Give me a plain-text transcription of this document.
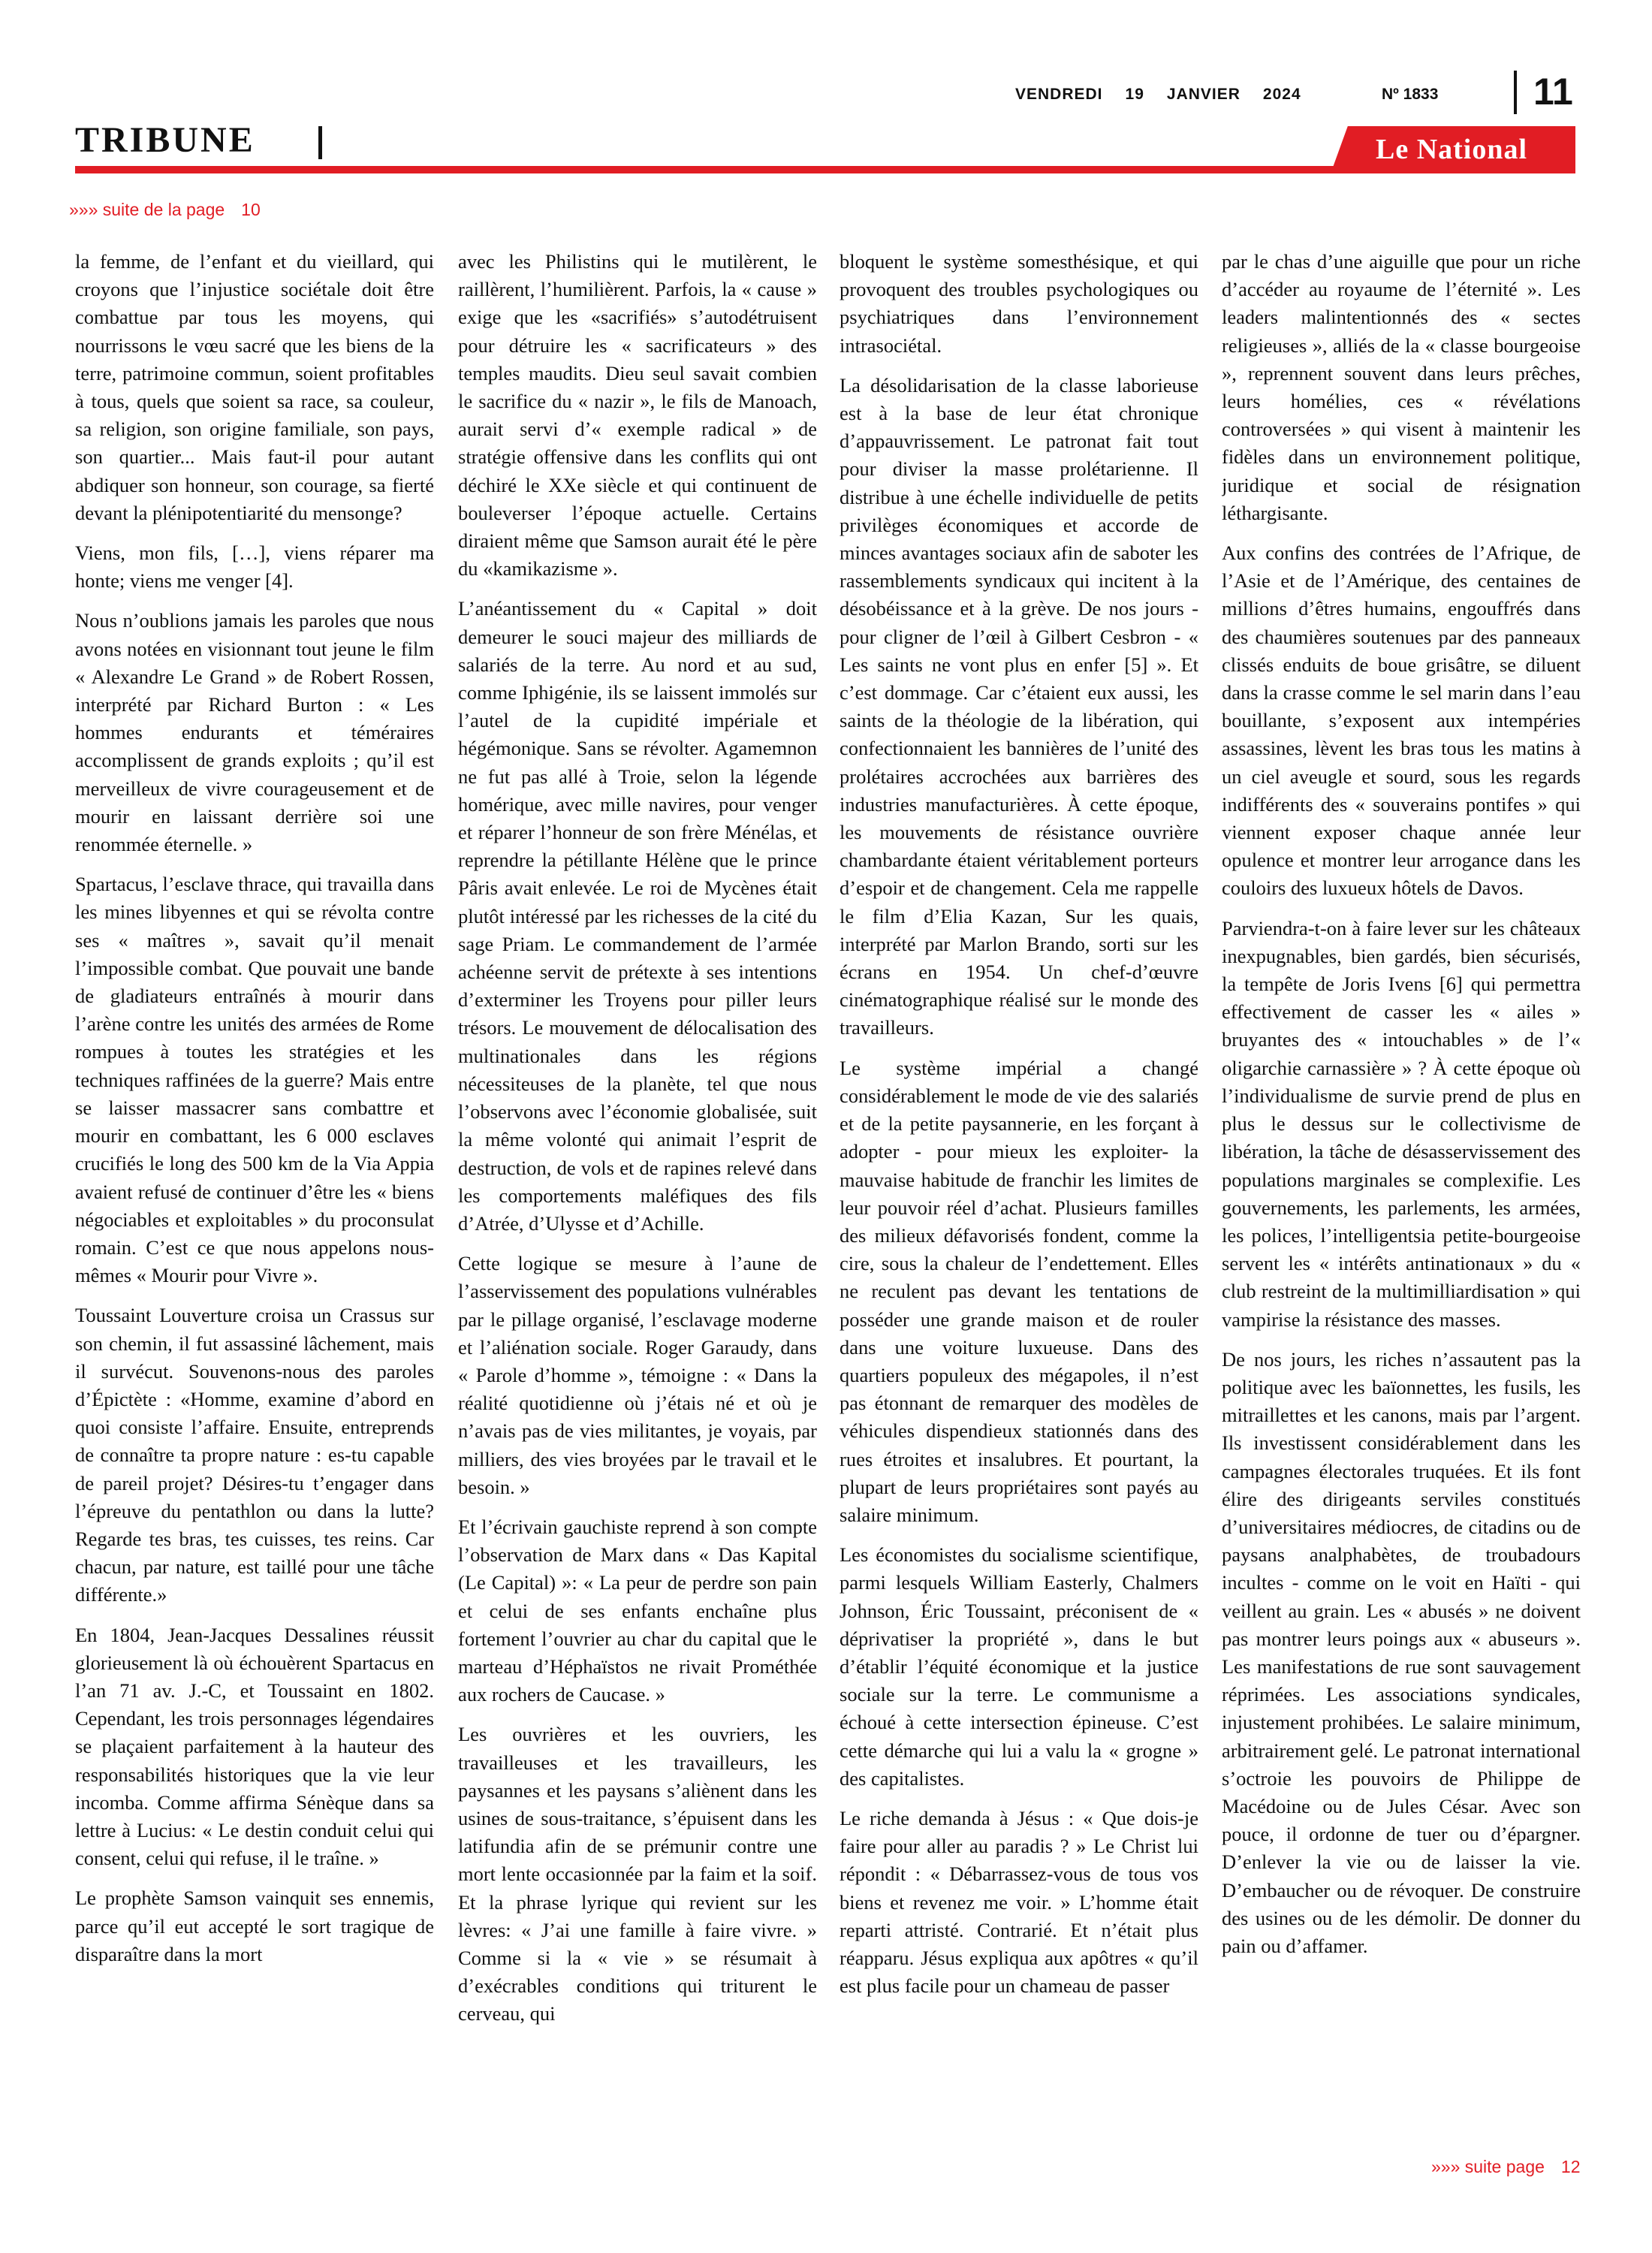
VENDREDI 19 JANVIER 2024	Nº 1833	11
TRIBUNE	Le National
»»» suite de la page 10

la femme, de l’enfant et du vieillard, qui croyons que l’injustice sociétale doit être combattue par tous les moyens, qui nourrissons le vœu sacré que les biens de la terre, patrimoine commun, soient profitables à tous, quels que soient sa race, sa couleur, sa religion, son origine familiale, son pays, son quartier... Mais faut-il pour autant abdiquer son honneur, son courage, sa fierté devant la plénipotentiarité du mensonge?

Viens, mon fils, […], viens réparer ma honte; viens me venger [4].

Nous n’oublions jamais les paroles que nous avons notées en visionnant tout jeune le film « Alexandre Le Grand » de Robert Rossen, interprété par Richard Burton : « Les hommes endurants et téméraires accomplissent de grands exploits ; qu’il est merveilleux de vivre courageusement et de mourir en laissant derrière soi une renommée éternelle. »

Spartacus, l’esclave thrace, qui travailla dans les mines libyennes et qui se révolta contre ses « maîtres », savait qu’il menait l’impossible combat. Que pouvait une bande de gladiateurs entraînés à mourir dans l’arène contre les unités des armées de Rome rompues à toutes les stratégies et les techniques raffinées de la guerre? Mais entre se laisser massacrer sans combattre et mourir en combattant, les 6 000 esclaves crucifiés le long des 500 km de la Via Appia avaient refusé de continuer d’être les « biens négociables et exploitables » du proconsulat romain. C’est ce que nous appelons nous-mêmes « Mourir pour Vivre ».

Toussaint Louverture croisa un Crassus sur son chemin, il fut assassiné lâchement, mais il survécut. Souvenons-nous des paroles d’Épictète : «Homme, examine d’abord en quoi consiste l’affaire. Ensuite, entreprends de connaître ta propre nature : es-tu capable de pareil projet? Désires-tu t’engager dans l’épreuve du pentathlon ou dans la lutte? Regarde tes bras, tes cuisses, tes reins. Car chacun, par nature, est taillé pour une tâche différente.»

En 1804, Jean-Jacques Dessalines réussit glorieusement là où échouèrent Spartacus en l’an 71 av. J.-C, et Toussaint en 1802. Cependant, les trois personnages légendaires se plaçaient parfaitement à la hauteur des responsabilités historiques que la vie leur incomba. Comme affirma Sénèque dans sa lettre à Lucius: « Le destin conduit celui qui consent, celui qui refuse, il le traîne. »

Le prophète Samson vainquit ses ennemis, parce qu’il eut accepté le sort tragique de disparaître dans la mort

avec les Philistins qui le mutilèrent, le raillèrent, l’humilièrent. Parfois, la « cause » exige que les «sacrifiés» s’autodétruisent pour détruire les « sacrificateurs » des temples maudits. Dieu seul savait combien le sacrifice du « nazir », le fils de Manoach, aurait servi d’« exemple radical » de stratégie offensive dans les conflits qui ont déchiré le XXe siècle et qui continuent de bouleverser l’époque actuelle. Certains diraient même que Samson aurait été le père du «kamikazisme ».

L’anéantissement du « Capital » doit demeurer le souci majeur des milliards de salariés de la terre. Au nord et au sud, comme Iphigénie, ils se laissent immolés sur l’autel de la cupidité impériale et hégémonique. Sans se révolter. Agamemnon ne fut pas allé à Troie, selon la légende homérique, avec mille navires, pour venger et réparer l’honneur de son frère Ménélas, et reprendre la pétillante Hélène que le prince Pâris avait enlevée. Le roi de Mycènes était plutôt intéressé par les richesses de la cité du sage Priam. Le commandement de l’armée achéenne servit de prétexte à ses intentions d’exterminer les Troyens pour piller leurs trésors. Le mouvement de délocalisation des multinationales dans les régions nécessiteuses de la planète, tel que nous l’observons avec l’économie globalisée, suit la même volonté qui animait l’esprit de destruction, de vols et de rapines relevé dans les comportements maléfiques des fils d’Atrée, d’Ulysse et d’Achille.

Cette logique se mesure à l’aune de l’asservissement des populations vulnérables par le pillage organisé, l’esclavage moderne et l’aliénation sociale. Roger Garaudy, dans « Parole d’homme », témoigne : « Dans la réalité quotidienne où j’étais né et où je n’avais pas de vies militantes, je voyais, par milliers, des vies broyées par le travail et le besoin. »

Et l’écrivain gauchiste reprend à son compte l’observation de Marx dans « Das Kapital (Le Capital) »: « La peur de perdre son pain et celui de ses enfants enchaîne plus fortement l’ouvrier au char du capital que le marteau d’Héphaïstos ne rivait Prométhée aux rochers de Caucase. »

Les ouvrières et les ouvriers, les travailleuses et les travailleurs, les paysannes et les paysans s’aliènent dans les usines de sous-traitance, s’épuisent dans les latifundia afin de se prémunir contre une mort lente occasionnée par la faim et la soif. Et la phrase lyrique qui revient sur les lèvres: « J’ai une famille à faire vivre. » Comme si la « vie » se résumait à d’exécrables conditions qui triturent le cerveau, qui

bloquent le système somesthésique, et qui provoquent des troubles psychologiques ou psychiatriques dans l’environnement intrasociétal.

La désolidarisation de la classe laborieuse est à la base de leur état chronique d’appauvrissement. Le patronat fait tout pour diviser la masse prolétarienne. Il distribue à une échelle individuelle de petits privilèges économiques et accorde de minces avantages sociaux afin de saboter les rassemblements syndicaux qui incitent à la désobéissance et à la grève. De nos jours - pour cligner de l’œil à Gilbert Cesbron - « Les saints ne vont plus en enfer [5] ». Et c’est dommage. Car c’étaient eux aussi, les saints de la théologie de la libération, qui confectionnaient les bannières de l’unité des prolétaires accrochées aux barrières des industries manufacturières. À cette époque, les mouvements de résistance ouvrière chambardante étaient véritablement porteurs d’espoir et de changement. Cela me rappelle le film d’Elia Kazan, Sur les quais, interprété par Marlon Brando, sorti sur les écrans en 1954. Un chef-d’œuvre cinématographique réalisé sur le monde des travailleurs.

Le système impérial a changé considérablement le mode de vie des salariés et de la petite paysannerie, en les forçant à adopter - pour mieux les exploiter- la mauvaise habitude de franchir les limites de leur pouvoir réel d’achat. Plusieurs familles des milieux défavorisés fondent, comme la cire, sous la chaleur de l’endettement. Elles ne reculent pas devant les tentations de posséder une grande maison et de rouler dans une voiture luxueuse. Dans des quartiers populeux des mégapoles, il n’est pas étonnant de remarquer des modèles de véhicules dispendieux stationnés dans des rues étroites et insalubres. Et pourtant, la plupart de leurs propriétaires sont payés au salaire minimum.

Les économistes du socialisme scientifique, parmi lesquels William Easterly, Chalmers Johnson, Éric Toussaint, préconisent de « déprivatiser la propriété », dans le but d’établir l’équité économique et la justice sociale sur la terre. Le communisme a échoué à cette intersection épineuse. C’est cette démarche qui lui a valu la « grogne » des capitalistes.

Le riche demanda à Jésus : « Que dois-je faire pour aller au paradis ? » Le Christ lui répondit : « Débarrassez-vous de tous vos biens et revenez me voir. » L’homme était reparti attristé. Contrarié. Et n’était plus réapparu. Jésus expliqua aux apôtres « qu’il est plus facile pour un chameau de passer

par le chas d’une aiguille que pour un riche d’accéder au royaume de l’éternité ». Les leaders malintentionnés des « sectes religieuses », alliés de la « classe bourgeoise », reprennent souvent dans leurs prêches, leurs homélies, ces « révélations controversées » qui visent à maintenir les fidèles dans un environnement politique, juridique et social de résignation léthargisante.

Aux confins des contrées de l’Afrique, de l’Asie et de l’Amérique, des centaines de millions d’êtres humains, engouffrés dans des chaumières soutenues par des panneaux clissés enduits de boue grisâtre, se diluent dans la crasse comme le sel marin dans l’eau bouillante, s’exposent aux intempéries assassines, lèvent les bras tous les matins à un ciel aveugle et sourd, sous les regards indifférents des « souverains pontifes » qui viennent exposer chaque année leur opulence et montrer leur arrogance dans les couloirs des luxueux hôtels de Davos.

Parviendra-t-on à faire lever sur les châteaux inexpugnables, bien gardés, bien sécurisés, la tempête de Joris Ivens [6] qui permettra effectivement de casser les « ailes » bruyantes des « intouchables » de l’« oligarchie carnassière » ? À cette époque où l’individualisme de survie prend de plus en plus le dessus sur le collectivisme de libération, la tâche de désasservissement des populations marginales se complexifie. Les gouvernements, les parlements, les armées, les polices, l’intelligentsia petite-bourgeoise servent les « intérêts antinationaux » du « club restreint de la multimilliardisation » qui vampirise la résistance des masses.

De nos jours, les riches n’assautent pas la politique avec les baïonnettes, les fusils, les mitraillettes et les canons, mais par l’argent. Ils investissent considérablement dans les campagnes électorales truquées. Et ils font élire des dirigeants serviles constitués d’universitaires médiocres, de citadins ou de paysans analphabètes, de troubadours incultes - comme on le voit en Haïti - qui veillent au grain. Les « abusés » ne doivent pas montrer leurs poings aux « abuseurs ». Les manifestations de rue sont sauvagement réprimées. Les associations syndicales, injustement prohibées. Le salaire minimum, arbitrairement gelé. Le patronat international s’octroie les pouvoirs de Philippe de Macédoine ou de Jules César. Avec son pouce, il ordonne de tuer ou d’épargner. D’enlever la vie ou de laisser la vie. D’embaucher ou de révoquer. De construire des usines ou de les démolir. De donner du pain ou d’affamer.

»»» suite page 12
